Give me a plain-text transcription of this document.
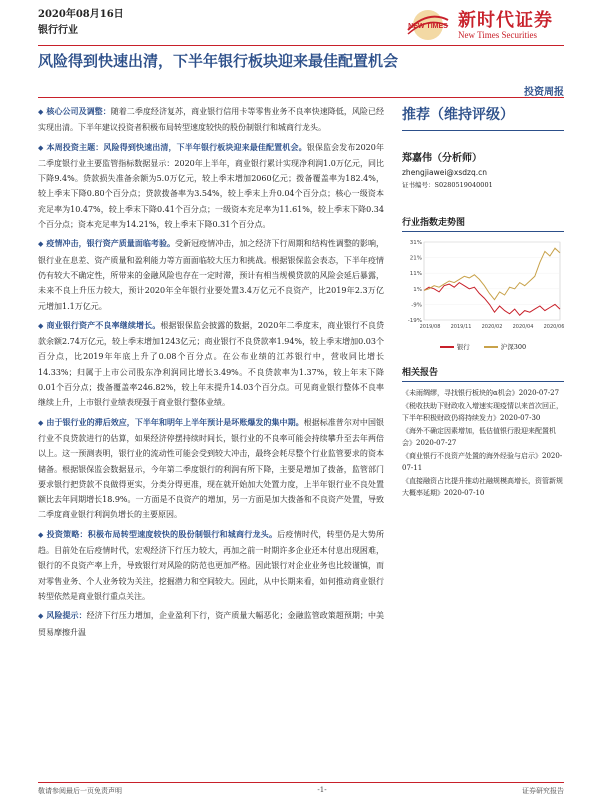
2020年08月16日
银行行业	NEW TIMES 新时代证券
New Times Securities
风险得到快速出清，下半年银行板块迎来最佳配置机会
投资周报

◆ 核心公司及调整：随着二季度经济复苏，商业银行信用卡等零售业务不良率快速降低，风险已经实现出清。下半年建议投资者积极布局转型速度较快的股份制银行和城商行龙头。

◆ 本周投资主题：风险得到快速出清，下半年银行板块迎来最佳配置机会。银保监会发布2020年二季度银行业主要监管指标数据显示：2020年上半年，商业银行累计实现净利润1.0万亿元，同比下降9.4%。贷款损失准备余额为5.0万亿元，较上季末增加2060亿元；拨备覆盖率为182.4%，较上季末下降0.80个百分点；贷款拨备率为3.54%，较上季末上升0.04个百分点；核心一级资本充足率为10.47%，较上季末下降0.41个百分点；一级资本充足率为11.61%，较上季末下降0.34个百分点；资本充足率为14.21%，较上季末下降0.31个百分点。

◆ 疫情冲击，银行资产质量面临考验。受新冠疫情冲击，加之经济下行周期和结构性调整的影响，银行业在息差、资产质量和盈利能力等方面面临较大压力和挑战。根据银保监会表态，下半年疫情仍有较大不确定性，所带来的金融风险也存在一定时滞，预计有相当规模贷款的风险会延后暴露，未来不良上升压力较大，预计2020年全年银行业要处置3.4万亿元不良资产，比2019年2.3万亿元增加1.1万亿元。

◆ 商业银行资产不良率继续增长。根据银保监会披露的数据，2020年二季度末，商业银行不良贷款余额2.74万亿元，较上季末增加1243亿元；商业银行不良贷款率1.94%，较上季末增加0.03个百分点，比2019年年底上升了0.08个百分点。在公布业绩的江苏银行中，营收同比增长14.33%；归属于上市公司股东净利润同比增长3.49%。不良贷款率为1.37%，较上年末下降0.01个百分点；拨备覆盖率246.82%，较上年末提升14.03个百分点。可见商业银行整体不良率继续上升，上市银行业绩表现强于商业银行整体业绩。

◆ 由于银行业的滞后效应，下半年和明年上半年预计是坏账爆发的集中期。根据标准普尔对中国银行业不良贷款进行的估算，如果经济停摆持续时间长，银行业的不良率可能会持续攀升至去年两倍以上。这一预测表明，银行业的流动性可能会受到较大冲击，最终会耗尽整个行业监管要求的资本储备。根据银保监会数据显示，今年第二季度银行的利润有所下降，主要是增加了拨备，监管部门要求银行把贷款不良做得更实，分类分得更准，现在就开始加大处置力度，上半年银行业不良处置额比去年同期增长18.9%。一方面是不良资产的增加，另一方面是加大拨备和不良资产处置，导致二季度商业银行利润负增长的主要原因。

◆ 投资策略：积极布局转型速度较快的股份制银行和城商行龙头。后疫情时代，转型仍是大势所趋。目前处在后疫情时代，宏观经济下行压力较大，再加之前一时期许多企业还本付息出现困难，银行的不良资产率上升，导致银行对风险的防范也更加严格。因此银行对企业业务也比较谨慎，而对零售业务、个人业务较为关注，挖掘潜力和空间较大。因此，从中长期来看，如何推动商业银行转型依然是商业银行重点关注。

◆ 风险提示：经济下行压力增加，企业盈利下行，资产质量大幅恶化；金融监管政策超预期；中美贸易摩擦升温

推荐（维持评级）
郑嘉伟（分析师）
zhengjiawei@xsdzq.cn
证书编号：S0280519040001
行业指数走势图
31%
21%
11%
1%
-9%
-19%
2019/08 2019/11 2020/02 2020/04 2020/06
银行	沪深300
相关报告
《未雨绸缪，寻找银行板块的α机会》2020-07-27
《税收扶助下财政收入增速实现疫情以来首次回正，下半年积极财政仍将持续发力》2020-07-30
《海外不确定因素增加，低估值银行股迎来配置机会》2020-07-27
《商业银行不良资产处置的海外经验与启示》2020-07-11
《直接融资占比提升推动社融规模高增长，资管新规大概率延期》2020-07-10
敬请参阅最后一页免责声明	-1-	证券研究报告
